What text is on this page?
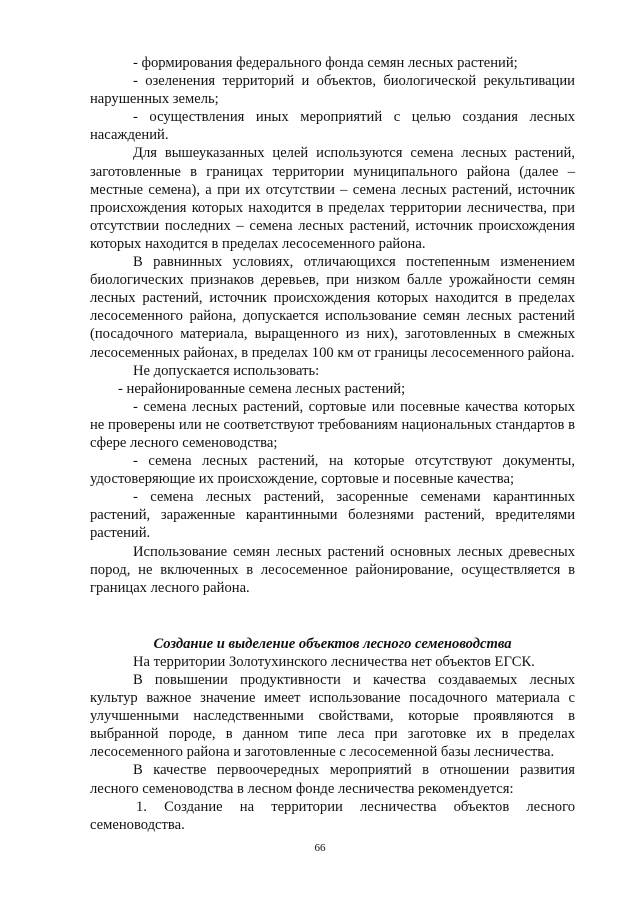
- формирования федерального фонда семян лесных растений;

- озеленения территорий и объектов, биологической рекультивации нарушенных земель;

- осуществления иных мероприятий с целью создания лесных насаждений.

Для вышеуказанных целей используются семена лесных растений, заготовленные в границах территории муниципального района (далее – местные семена), а при их отсутствии – семена лесных растений, источник происхождения которых находится в пределах территории лесничества, при отсутствии последних – семена лесных растений, источник происхождения которых находится в пределах лесосеменного района.

В равнинных условиях, отличающихся постепенным изменением биологических признаков деревьев, при низком балле урожайности семян лесных растений, источник происхождения которых находится в пределах лесосеменного района, допускается использование семян лесных растений (посадочного материала, выращенного из них), заготовленных в смежных лесосеменных районах, в пределах 100 км от границы лесосеменного района.

Не допускается использовать:

- нерайонированные семена лесных растений;

- семена лесных растений, сортовые или посевные качества которых не проверены или не соответствуют требованиям национальных стандартов в сфере лесного семеноводства;

- семена лесных растений, на которые отсутствуют документы, удостоверяющие их происхождение, сортовые и посевные качества;

- семена лесных растений, засоренные семенами карантинных растений, зараженные карантинными болезнями растений, вредителями растений.

Использование семян лесных растений основных лесных древесных пород, не включенных в лесосеменное районирование, осуществляется в границах лесного района.

Создание и выделение объектов лесного семеноводства

На территории Золотухинского лесничества нет объектов ЕГСК.

В повышении продуктивности и качества создаваемых лесных культур важное значение имеет использование посадочного материала с улучшенными наследственными свойствами, которые проявляются в выбранной породе, в данном типе леса при заготовке их в пределах лесосеменного района и заготовленные с лесосеменной базы лесничества.

В качестве первоочередных мероприятий в отношении развития лесного семеноводства в лесном фонде лесничества рекомендуется:

1. Создание на территории лесничества объектов лесного семеноводства.

66
